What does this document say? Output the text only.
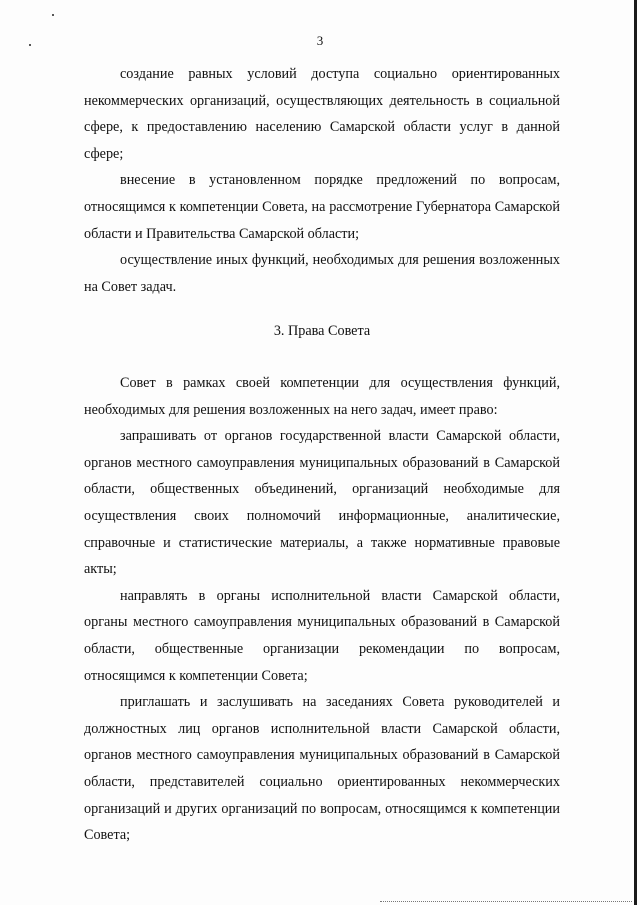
3

создание равных условий доступа социально ориентированных некоммерческих организаций, осуществляющих деятельность в социальной сфере, к предоставлению населению Самарской области услуг в данной сфере;

внесение в установленном порядке предложений по вопросам, относящимся к компетенции Совета, на рассмотрение Губернатора Самарской области и Правительства Самарской области;

осуществление иных функций, необходимых для решения возложенных на Совет задач.

3. Права Совета

Совет в рамках своей компетенции для осуществления функций, необходимых для решения возложенных на него задач, имеет право:

запрашивать от органов государственной власти Самарской области, органов местного самоуправления муниципальных образований в Самарской области, общественных объединений, организаций необходимые для осуществления своих полномочий информационные, аналитические, справочные и статистические материалы, а также нормативные правовые акты;

направлять в органы исполнительной власти Самарской области, органы местного самоуправления муниципальных образований в Самарской области, общественные организации рекомендации по вопросам, относящимся к компетенции Совета;

приглашать и заслушивать на заседаниях Совета руководителей и должностных лиц органов исполнительной власти Самарской области, органов местного самоуправления муниципальных образований в Самарской области, представителей социально ориентированных некоммерческих организаций и других организаций по вопросам, относящимся к компетенции Совета;
